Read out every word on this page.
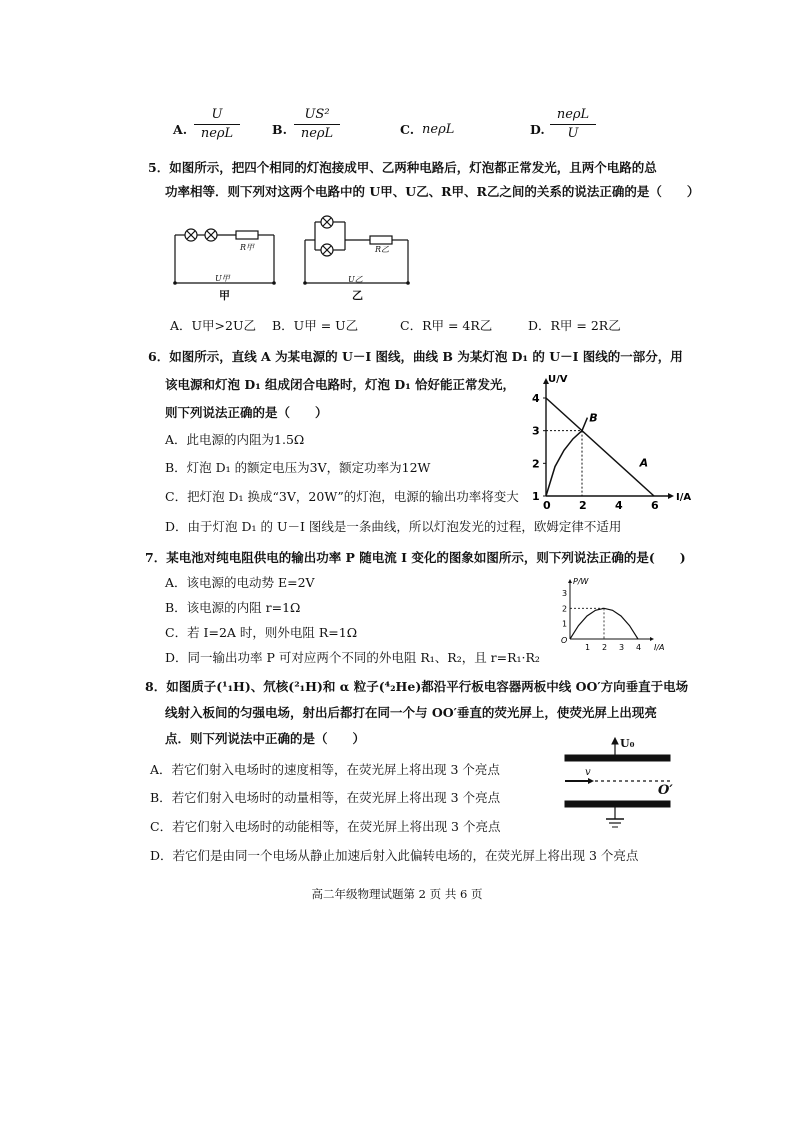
A.
U
neρL	B.
US²
neρL	C. neρL	D.
neρL
U
5．如图所示，把四个相同的灯泡接成甲、乙两种电路后，灯泡都正常发光，且两个电路的总
功率相等．则下列对这两个电路中的 U甲、U乙、R甲、R乙之间的关系的说法正确的是（　　）
R甲
U甲
甲
R乙
U乙
乙
A．U甲>2U乙 B．U甲 = U乙	C．R甲 = 4R乙	D．R甲 = 2R乙
6．如图所示，直线 A 为某电源的 U－I 图线，曲线 B 为某灯泡 D₁ 的 U－I 图线的一部分，用
该电源和灯泡 D₁ 组成闭合电路时，灯泡 D₁ 恰好能正常发光，
则下列说法正确的是（　　）
A．此电源的内阻为1.5Ω
B．灯泡 D₁ 的额定电压为3V，额定功率为12W
C．把灯泡 D₁ 换成“3V，20W”的灯泡，电源的输出功率将变大
D．由于灯泡 D₁ 的 U－I 图线是一条曲线，所以灯泡发光的过程，欧姆定律不适用
I/A
U/V
0	2	4	6
1
2
3
4
B
A
7．某电池对纯电阻供电的输出功率 P 随电流 I 变化的图象如图所示，则下列说法正确的是(　　)
A．该电源的电动势 E=2V
B．该电源的内阻 r=1Ω
C．若 I=2A 时，则外电阻 R=1Ω
D．同一输出功率 P 可对应两个不同的外电阻 R₁、R₂，且 r=R₁·R₂
I/A
P/W
O
1 2 3 4
1
2
3
8．如图质子(¹₁H)、氘核(²₁H)和 α 粒子(⁴₂He)都沿平行板电容器两板中线 OO′方向垂直于电场
线射入板间的匀强电场，射出后都打在同一个与 OO′垂直的荧光屏上，使荧光屏上出现亮
点．则下列说法中正确的是（　　）
A．若它们射入电场时的速度相等，在荧光屏上将出现 3 个亮点
B．若它们射入电场时的动量相等，在荧光屏上将出现 3 个亮点
C．若它们射入电场时的动能相等，在荧光屏上将出现 3 个亮点
D．若它们是由同一个电场从静止加速后射入此偏转电场的，在荧光屏上将出现 3 个亮点
U₀
v
O′
高二年级物理试题第 2 页 共 6 页
